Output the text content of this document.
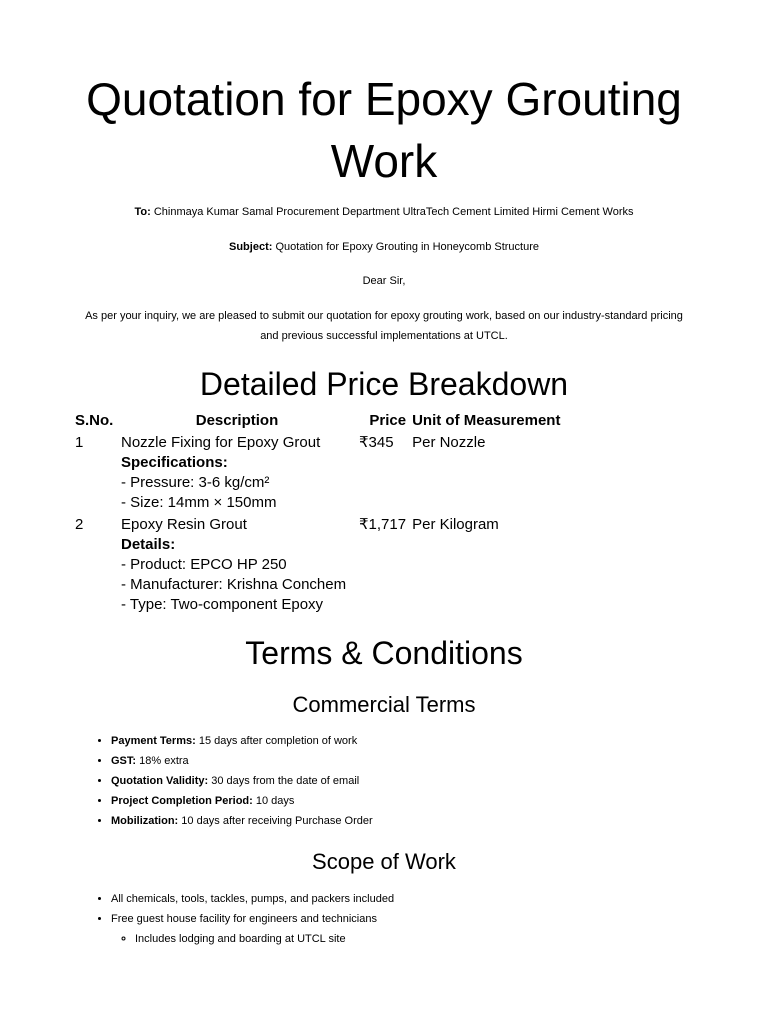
Quotation for Epoxy Grouting Work

To: Chinmaya Kumar Samal Procurement Department UltraTech Cement Limited Hirmi Cement Works

Subject: Quotation for Epoxy Grouting in Honeycomb Structure

Dear Sir,

As per your inquiry, we are pleased to submit our quotation for epoxy grouting work, based on our industry-standard pricing and previous successful implementations at UTCL.

Detailed Price Breakdown
S.No.	Description	Price	Unit of Measurement
1	Nozzle Fixing for Epoxy Grout
Specifications:
- Pressure: 3-6 kg/cm²
- Size: 14mm × 150mm	₹345	Per Nozzle
2	Epoxy Resin Grout
Details:
- Product: EPCO HP 250
- Manufacturer: Krishna Conchem
- Type: Two-component Epoxy	₹1,717	Per Kilogram
Terms & Conditions
Commercial Terms
• Payment Terms: 15 days after completion of work
• GST: 18% extra
• Quotation Validity: 30 days from the date of email
• Project Completion Period: 10 days
• Mobilization: 10 days after receiving Purchase Order
Scope of Work
• All chemicals, tools, tackles, pumps, and packers included
• Free guest house facility for engineers and technicians
◦ Includes lodging and boarding at UTCL site
